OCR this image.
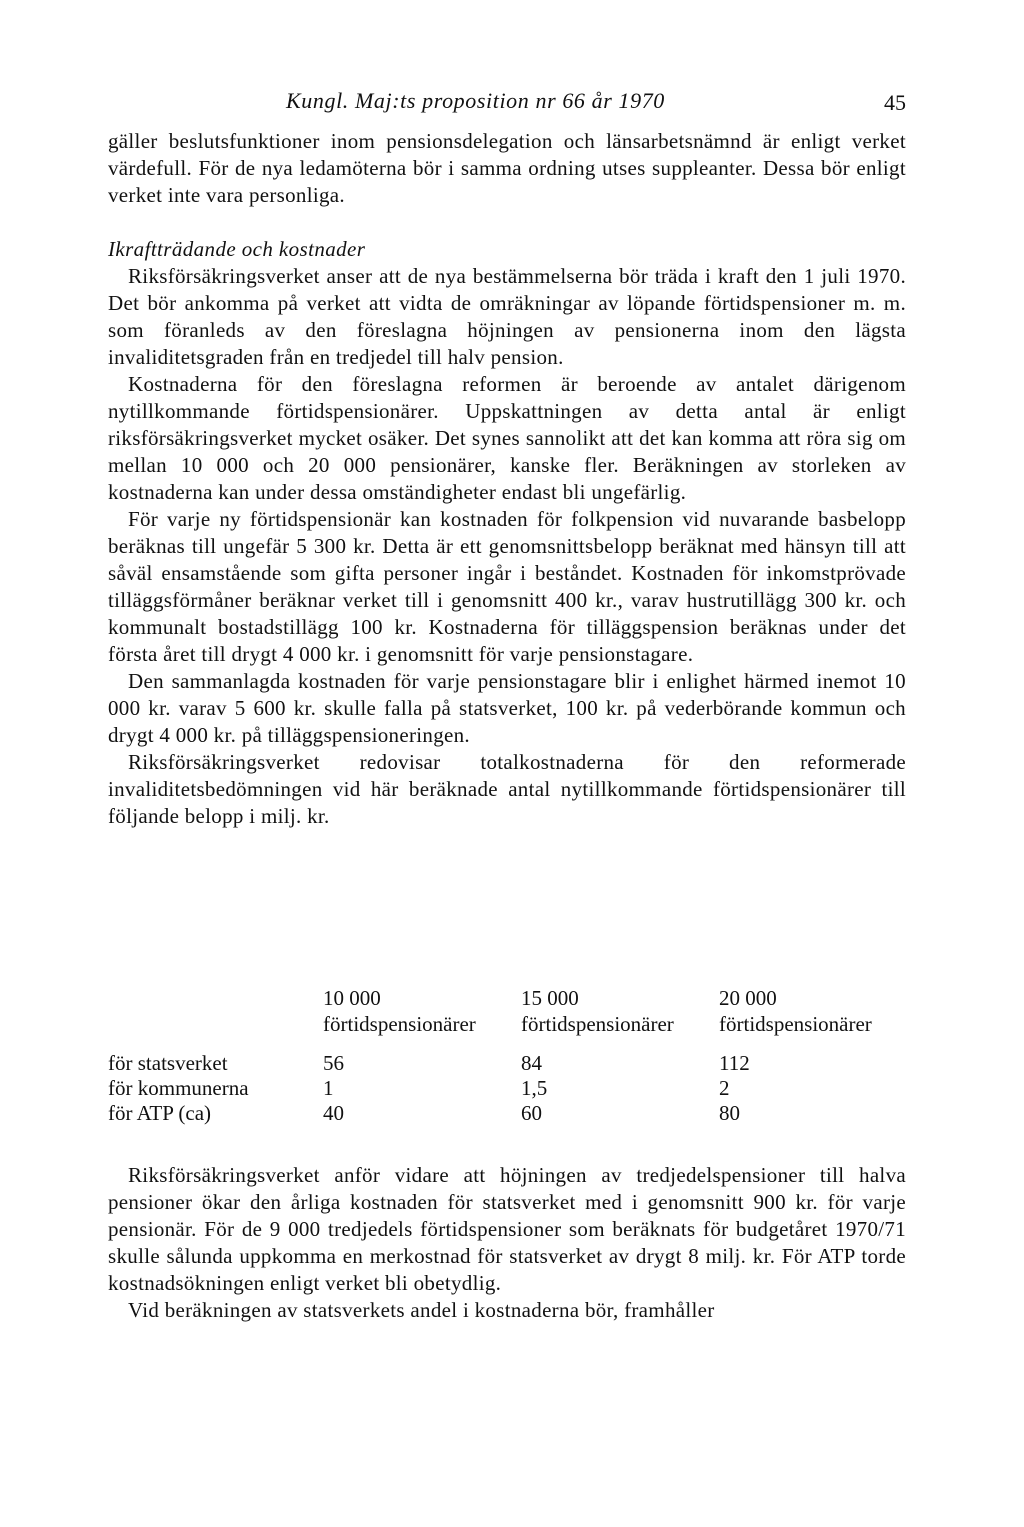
Kungl. Maj:ts proposition nr 66 år 1970	45

gäller beslutsfunktioner inom pensionsdelegation och länsarbetsnämnd är enligt verket värdefull. För de nya ledamöterna bör i samma ordning utses suppleanter. Dessa bör enligt verket inte vara personliga.

Ikraftträdande och kostnader

Riksförsäkringsverket anser att de nya bestämmelserna bör träda i kraft den 1 juli 1970. Det bör ankomma på verket att vidta de omräkningar av löpande förtidspensioner m. m. som föranleds av den föreslagna höjningen av pensionerna inom den lägsta invaliditetsgraden från en tredjedel till halv pension.

Kostnaderna för den föreslagna reformen är beroende av antalet därigenom nytillkommande förtidspensionärer. Uppskattningen av detta antal är enligt riksförsäkringsverket mycket osäker. Det synes sannolikt att det kan komma att röra sig om mellan 10 000 och 20 000 pensionärer, kanske fler. Beräkningen av storleken av kostnaderna kan under dessa omständigheter endast bli ungefärlig.

För varje ny förtidspensionär kan kostnaden för folkpension vid nuvarande basbelopp beräknas till ungefär 5 300 kr. Detta är ett genomsnittsbelopp beräknat med hänsyn till att såväl ensamstående som gifta personer ingår i beståndet. Kostnaden för inkomstprövade tilläggsförmåner beräknar verket till i genomsnitt 400 kr., varav hustrutillägg 300 kr. och kommunalt bostadstillägg 100 kr. Kostnaderna för tilläggspension beräknas under det första året till drygt 4 000 kr. i genomsnitt för varje pensionstagare.

Den sammanlagda kostnaden för varje pensionstagare blir i enlighet härmed inemot 10 000 kr. varav 5 600 kr. skulle falla på statsverket, 100 kr. på vederbörande kommun och drygt 4 000 kr. på tilläggspensioneringen.

Riksförsäkringsverket redovisar totalkostnaderna för den reformerade invaliditetsbedömningen vid här beräknade antal nytillkommande förtidspensionärer till följande belopp i milj. kr.

	10 000 förtidspensionärer	15 000 förtidspensionärer	20 000 förtidspensionärer

för statsverket	56	84	112
för kommunerna	1	1,5	2
för ATP (ca)	40	60	80

Riksförsäkringsverket anför vidare att höjningen av tredjedelspensioner till halva pensioner ökar den årliga kostnaden för statsverket med i genomsnitt 900 kr. för varje pensionär. För de 9 000 tredjedels förtidspensioner som beräknats för budgetåret 1970/71 skulle sålunda uppkomma en merkostnad för statsverket av drygt 8 milj. kr. För ATP torde kostnadsökningen enligt verket bli obetydlig.

Vid beräkningen av statsverkets andel i kostnaderna bör, framhåller
